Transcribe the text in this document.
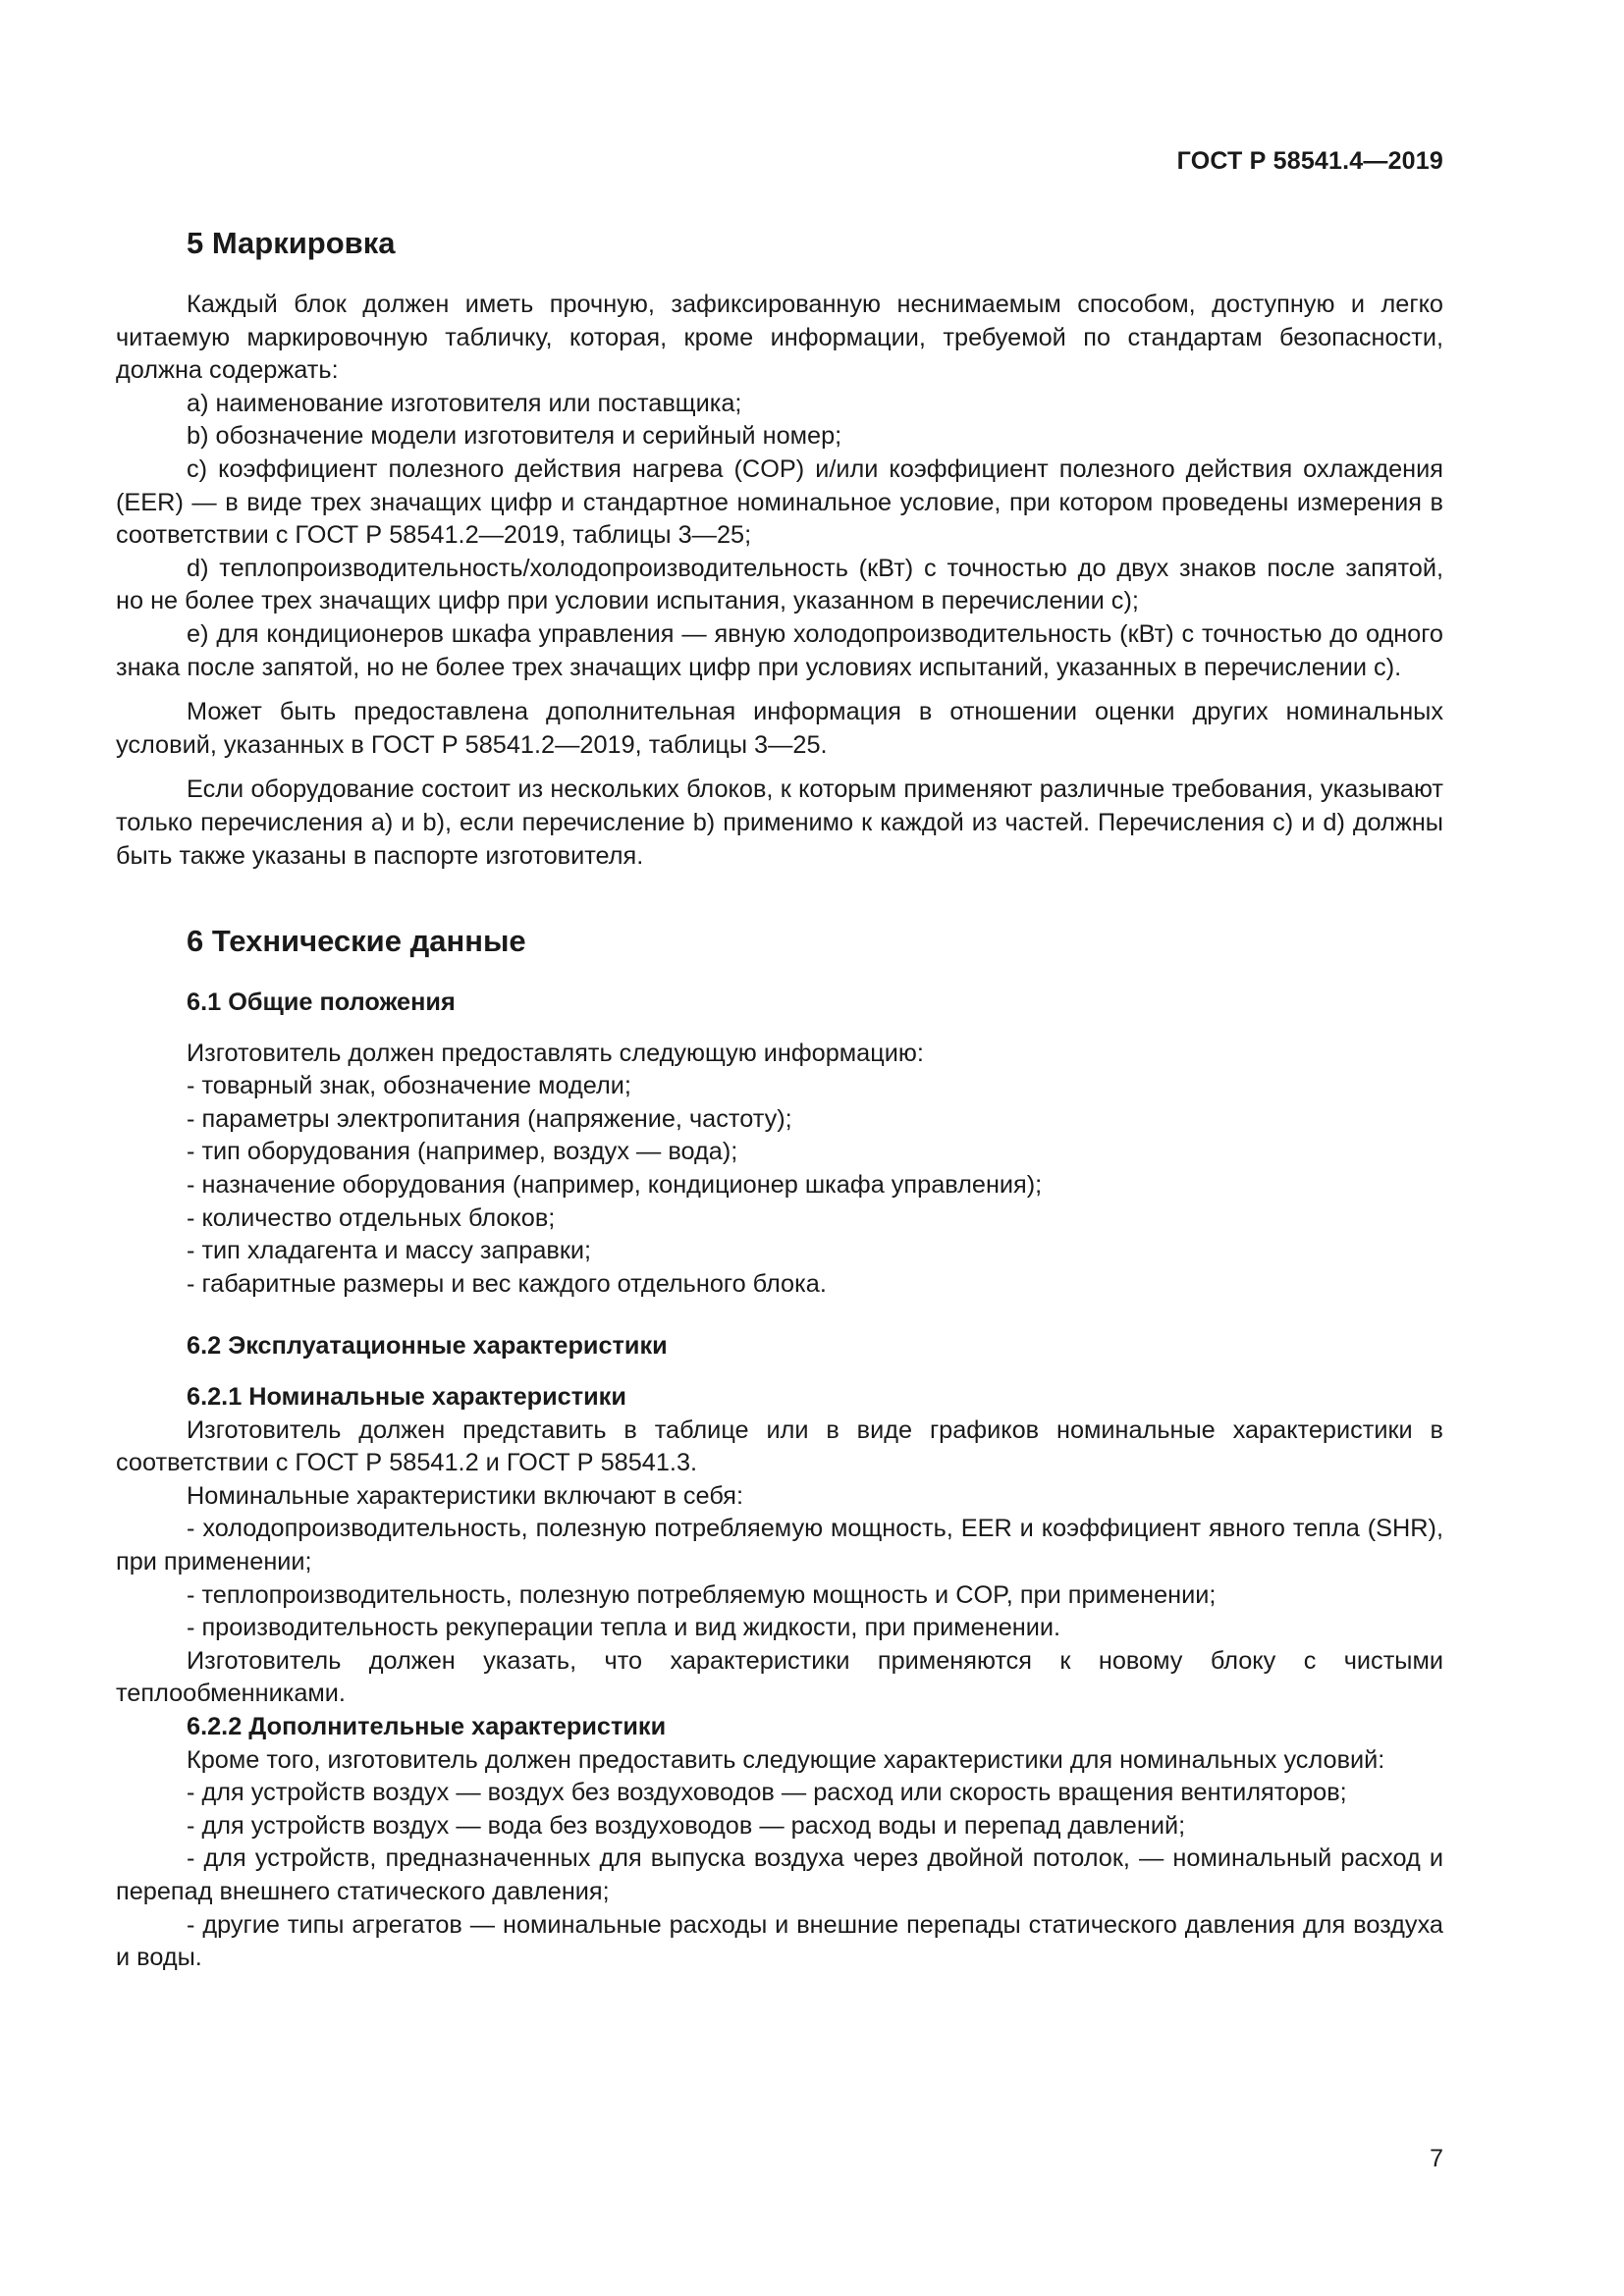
ГОСТ Р 58541.4—2019
5 Маркировка

Каждый блок должен иметь прочную, зафиксированную неснимаемым способом, доступную и легко читаемую маркировочную табличку, которая, кроме информации, требуемой по стандартам безопасности, должна содержать:

a) наименование изготовителя или поставщика;

b) обозначение модели изготовителя и серийный номер;

c) коэффициент полезного действия нагрева (COP) и/или коэффициент полезного действия охлаждения (EER) — в виде трех значащих цифр и стандартное номинальное условие, при котором проведены измерения в соответствии с ГОСТ Р 58541.2—2019, таблицы 3—25;

d) теплопроизводительность/холодопроизводительность (кВт) с точностью до двух знаков после запятой, но не более трех значащих цифр при условии испытания, указанном в перечислении c);

e) для кондиционеров шкафа управления — явную холодопроизводительность (кВт) с точностью до одного знака после запятой, но не более трех значащих цифр при условиях испытаний, указанных в перечислении c).

Может быть предоставлена дополнительная информация в отношении оценки других номинальных условий, указанных в ГОСТ Р 58541.2—2019, таблицы 3—25.

Если оборудование состоит из нескольких блоков, к которым применяют различные требования, указывают только перечисления a) и b), если перечисление b) применимо к каждой из частей. Перечисления c) и d) должны быть также указаны в паспорте изготовителя.

6 Технические данные
6.1 Общие положения

Изготовитель должен предоставлять следующую информацию:

- товарный знак, обозначение модели;

- параметры электропитания (напряжение, частоту);

- тип оборудования (например, воздух — вода);

- назначение оборудования (например, кондиционер шкафа управления);

- количество отдельных блоков;

- тип хладагента и массу заправки;

- габаритные размеры и вес каждого отдельного блока.

6.2 Эксплуатационные характеристики
6.2.1 Номинальные характеристики

Изготовитель должен представить в таблице или в виде графиков номинальные характеристики в соответствии с ГОСТ Р 58541.2 и ГОСТ Р 58541.3.

Номинальные характеристики включают в себя:

- холодопроизводительность, полезную потребляемую мощность, EER и коэффициент явного тепла (SHR), при применении;

- теплопроизводительность, полезную потребляемую мощность и COP, при применении;

- производительность рекуперации тепла и вид жидкости, при применении.

Изготовитель должен указать, что характеристики применяются к новому блоку с чистыми теплообменниками.

6.2.2 Дополнительные характеристики

Кроме того, изготовитель должен предоставить следующие характеристики для номинальных условий:

- для устройств воздух — воздух без воздуховодов — расход или скорость вращения вентиляторов;

- для устройств воздух — вода без воздуховодов — расход воды и перепад давлений;

- для устройств, предназначенных для выпуска воздуха через двойной потолок, — номинальный расход и перепад внешнего статического давления;

- другие типы агрегатов — номинальные расходы и внешние перепады статического давления для воздуха и воды.

7
